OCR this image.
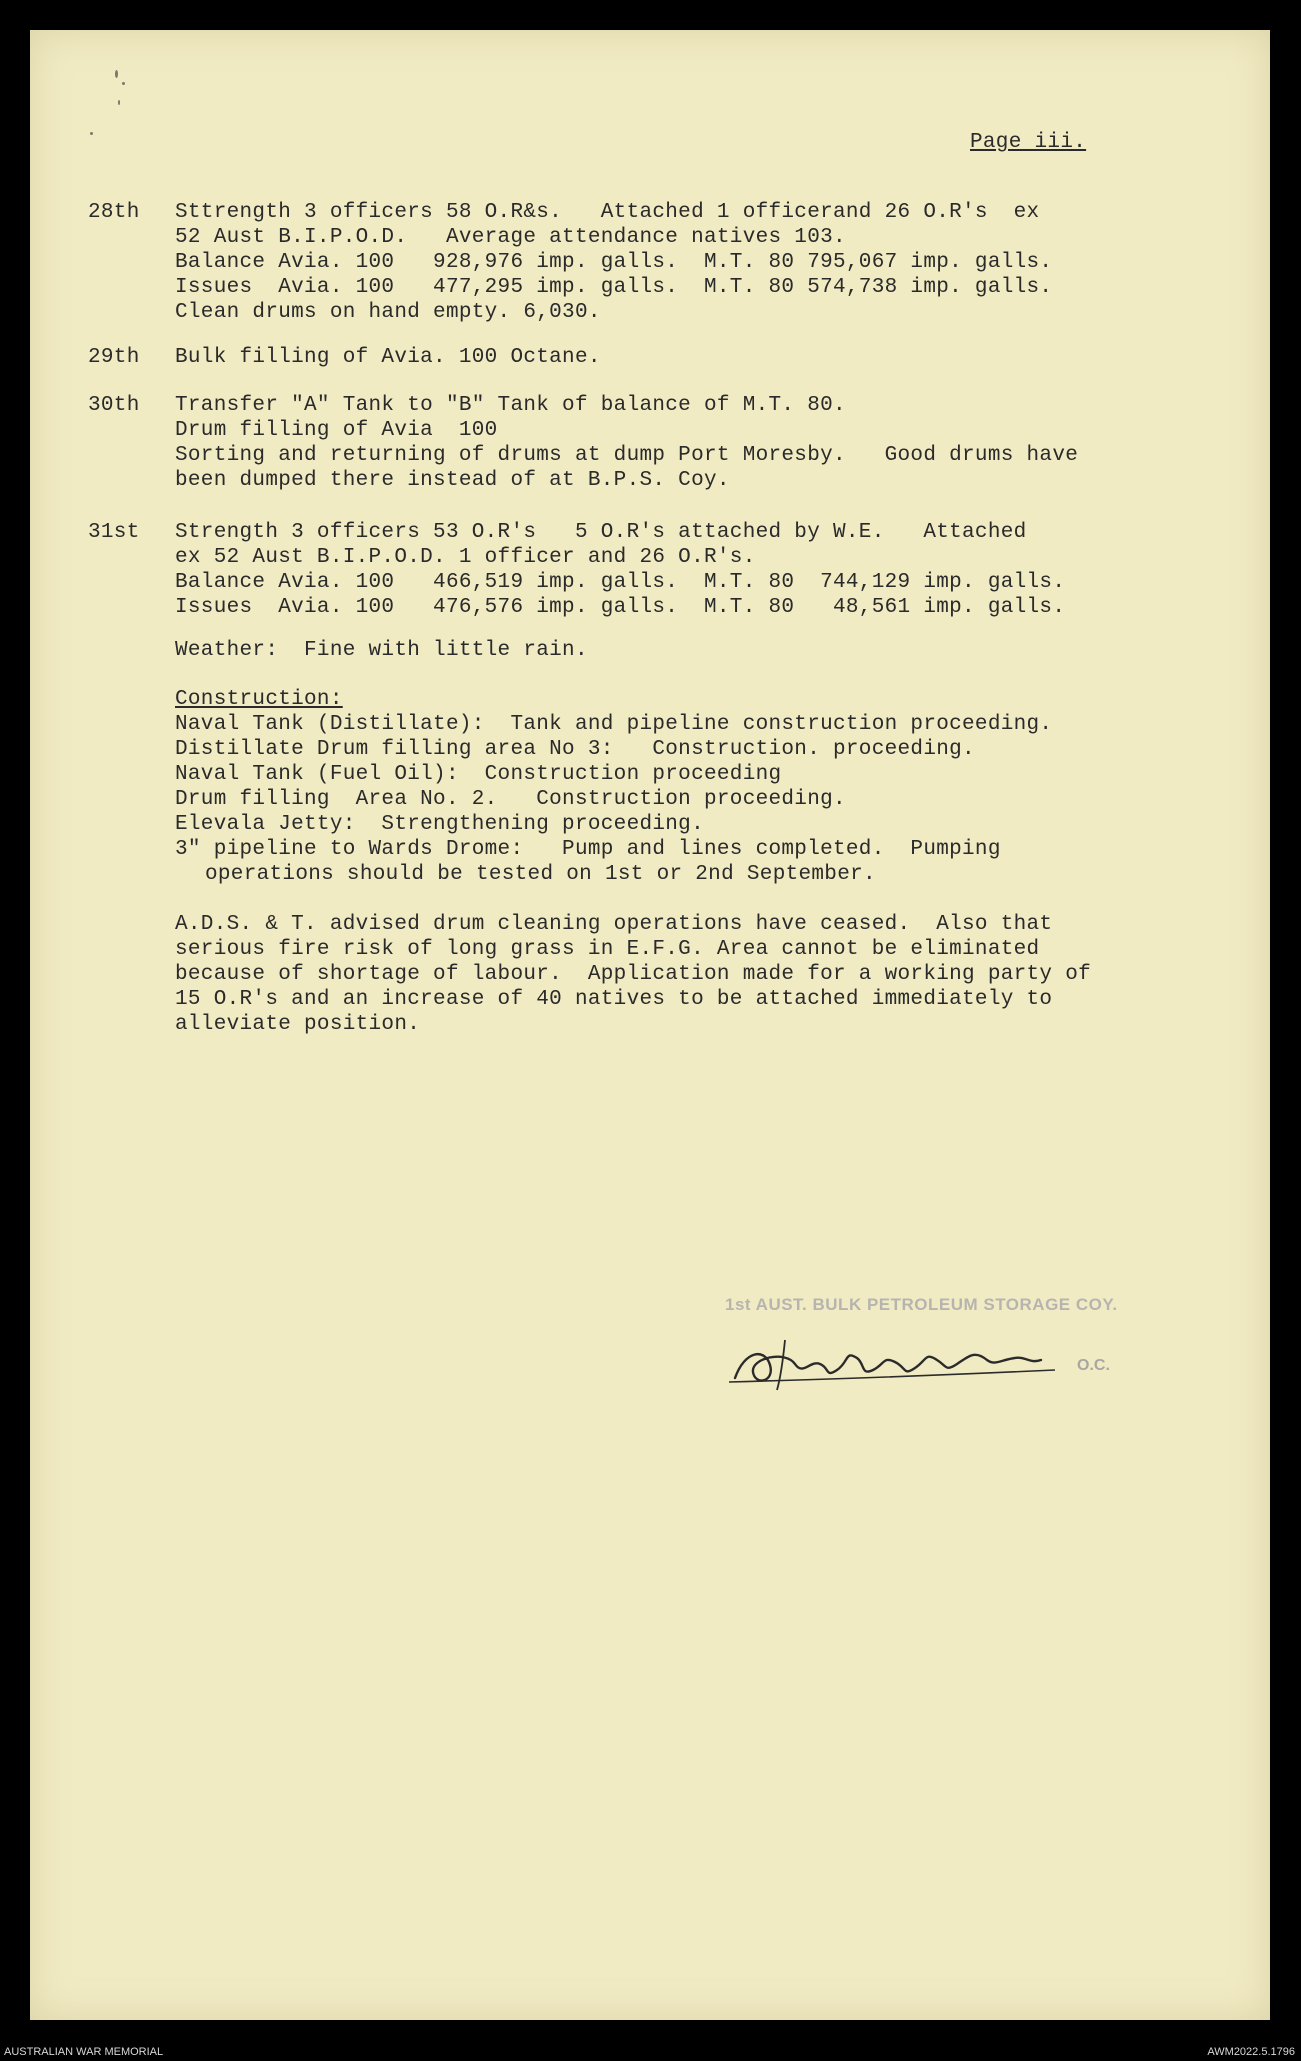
Page iii.
28th Sttrength 3 officers 58 O.R&s.   Attached 1 officerand 26 O.R's  ex
52 Aust B.I.P.O.D.   Average attendance natives 103.
Balance Avia. 100   928,976 imp. galls.  M.T. 80 795,067 imp. galls.
Issues  Avia. 100   477,295 imp. galls.  M.T. 80 574,738 imp. galls.
Clean drums on hand empty. 6,030.
29th Bulk filling of Avia. 100 Octane.
30th Transfer "A" Tank to "B" Tank of balance of M.T. 80.
Drum filling of Avia  100
Sorting and returning of drums at dump Port Moresby.   Good drums have
been dumped there instead of at B.P.S. Coy.
31st Strength 3 officers 53 O.R's   5 O.R's attached by W.E.   Attached
ex 52 Aust B.I.P.O.D. 1 officer and 26 O.R's.
Balance Avia. 100   466,519 imp. galls.  M.T. 80  744,129 imp. galls.
Issues  Avia. 100   476,576 imp. galls.  M.T. 80   48,561 imp. galls.
Weather:  Fine with little rain.
Construction:
Naval Tank (Distillate):  Tank and pipeline construction proceeding.
Distillate Drum filling area No 3:   Construction. proceeding.
Naval Tank (Fuel Oil):  Construction proceeding
Drum filling  Area No. 2.   Construction proceeding.
Elevala Jetty:  Strengthening proceeding.
3" pipeline to Wards Drome:   Pump and lines completed.  Pumping
operations should be tested on 1st or 2nd September.
A.D.S. & T. advised drum cleaning operations have ceased.  Also that
serious fire risk of long grass in E.F.G. Area cannot be eliminated
because of shortage of labour.  Application made for a working party of
15 O.R's and an increase of 40 natives to be attached immediately to
alleviate position.
1st AUST. BULK PETROLEUM STORAGE COY.
O.C.
AUSTRALIAN WAR MEMORIAL	AWM2022.5.1796
